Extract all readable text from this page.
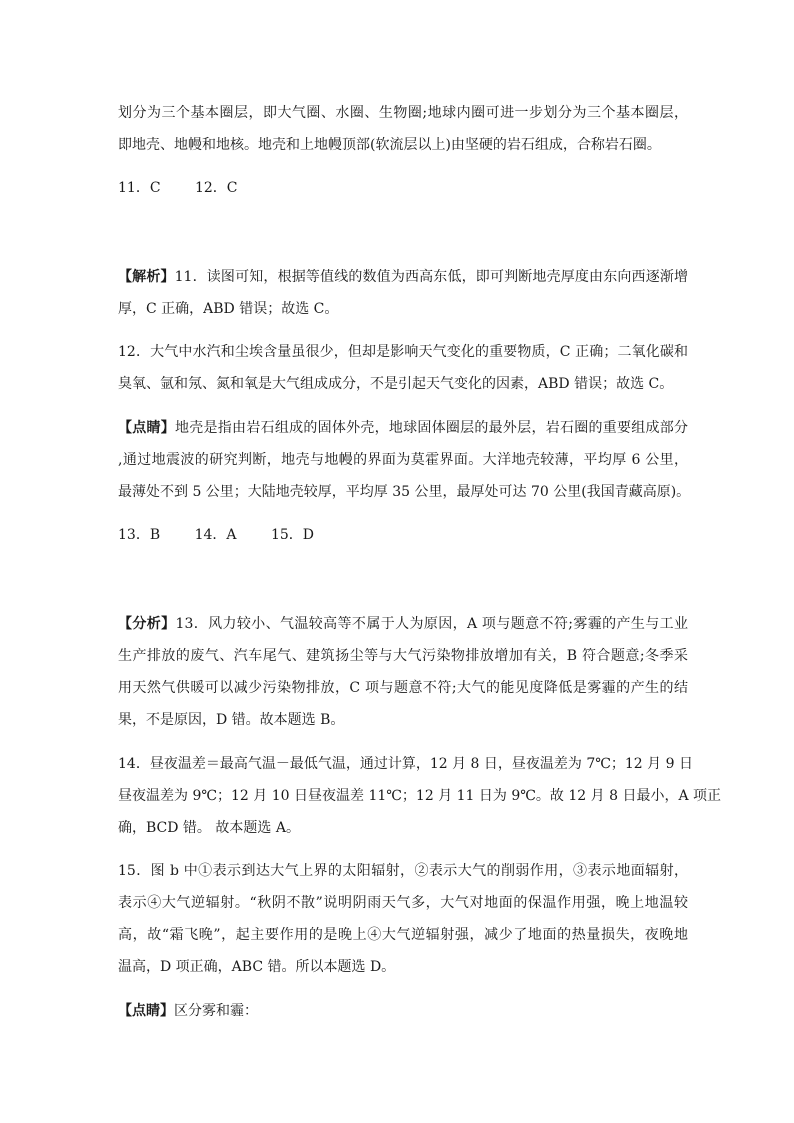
划分为三个基本圈层，即大气圈、水圈、生物圈;地球内圈可进一步划分为三个基本圈层，
即地壳、地幔和地核。地壳和上地幔顶部(软流层以上)由坚硬的岩石组成，合称岩石圈。
11．C 12．C
【解析】11．读图可知，根据等值线的数值为西高东低，即可判断地壳厚度由东向西逐渐增
厚，C 正确，ABD 错误；故选 C。
12．大气中水汽和尘埃含量虽很少，但却是影响天气变化的重要物质，C 正确；二氧化碳和
臭氧、氩和氖、氮和氧是大气组成成分，不是引起天气变化的因素，ABD 错误；故选 C。
【点睛】地壳是指由岩石组成的固体外壳，地球固体圈层的最外层，岩石圈的重要组成部分
,通过地震波的研究判断，地壳与地幔的界面为莫霍界面。大洋地壳较薄，平均厚 6 公里，
最薄处不到 5 公里；大陆地壳较厚，平均厚 35 公里，最厚处可达 70 公里(我国青藏高原)。
13．B 14．A 15．D
【分析】13．风力较小、气温较高等不属于人为原因，A 项与题意不符;雾霾的产生与工业
生产排放的废气、汽车尾气、建筑扬尘等与大气污染物排放增加有关，B 符合题意;冬季采
用天然气供暖可以减少污染物排放，C 项与题意不符;大气的能见度降低是雾霾的产生的结
果，不是原因，D 错。故本题选 B。
14．昼夜温差＝最高气温－最低气温，通过计算，12 月 8 日，昼夜温差为 7℃；12 月 9 日
昼夜温差为 9℃；12 月 10 日昼夜温差 11℃；12 月 11 日为 9℃。故 12 月 8 日最小，A 项正
确，BCD 错。 故本题选 A。
15．图 b 中①表示到达大气上界的太阳辐射，②表示大气的削弱作用，③表示地面辐射，
表示④大气逆辐射。“秋阴不散”说明阴雨天气多，大气对地面的保温作用强，晚上地温较
高，故“霜飞晚”，起主要作用的是晚上④大气逆辐射强，减少了地面的热量损失，夜晚地
温高，D 项正确，ABC 错。所以本题选 D。
【点睛】区分雾和霾：
